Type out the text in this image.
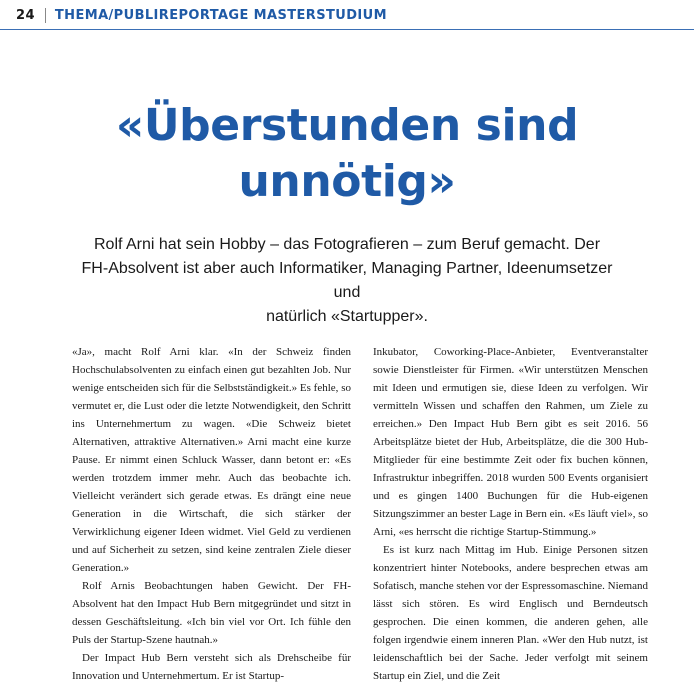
24 THEMA/PUBLIREPORTAGE MASTERSTUDIUM
«Überstunden sind
unnötig»
Rolf Arni hat sein Hobby – das Fotografieren – zum Beruf gemacht. Der
FH-Absolvent ist aber auch Informatiker, Managing Partner, Ideenumsetzer und
natürlich «Startupper».

«Ja», macht Rolf Arni klar. «In der Schweiz finden Hochschulabsolventen zu einfach einen gut bezahlten Job. Nur wenige entscheiden sich für die Selbstständigkeit.» Es fehle, so vermutet er, die Lust oder die letzte Notwendigkeit, den Schritt ins Unternehmertum zu wagen. «Die Schweiz bietet Alternativen, attraktive Alternativen.» Arni macht eine kurze Pause. Er nimmt einen Schluck Wasser, dann betont er: «Es werden trotzdem immer mehr. Auch das beobachte ich. Vielleicht verändert sich gerade etwas. Es drängt eine neue Generation in die Wirtschaft, die sich stärker der Verwirklichung eigener Ideen widmet. Viel Geld zu verdienen und auf Sicherheit zu setzen, sind keine zentralen Ziele dieser Generation.»

Rolf Arnis Beobachtungen haben Gewicht. Der FH-Absolvent hat den Impact Hub Bern mitgegründet und sitzt in dessen Geschäftsleitung. «Ich bin viel vor Ort. Ich fühle den Puls der Startup-Szene hautnah.»

Der Impact Hub Bern versteht sich als Drehscheibe für Innovation und Unternehmertum. Er ist Startup-

Inkubator, Coworking-Place-Anbieter, Eventveranstalter sowie Dienstleister für Firmen. «Wir unterstützen Menschen mit Ideen und ermutigen sie, diese Ideen zu verfolgen. Wir vermitteln Wissen und schaffen den Rahmen, um Ziele zu erreichen.» Den Impact Hub Bern gibt es seit 2016. 56 Arbeitsplätze bietet der Hub, Arbeitsplätze, die die 300 Hub-Mitglieder für eine bestimmte Zeit oder fix buchen können, Infrastruktur inbegriffen. 2018 wurden 500 Events organisiert und es gingen 1400 Buchungen für die Hub-eigenen Sitzungszimmer an bester Lage in Bern ein. «Es läuft viel», so Arni, «es herrscht die richtige Startup-Stimmung.»

Es ist kurz nach Mittag im Hub. Einige Personen sitzen konzentriert hinter Notebooks, andere besprechen etwas am Sofatisch, manche stehen vor der Espressomaschine. Niemand lässt sich stören. Es wird Englisch und Berndeutsch gesprochen. Die einen kommen, die anderen gehen, alle folgen irgendwie einem inneren Plan. «Wer den Hub nutzt, ist leidenschaftlich bei der Sache. Jeder verfolgt mit seinem Startup ein Ziel, und die Zeit
